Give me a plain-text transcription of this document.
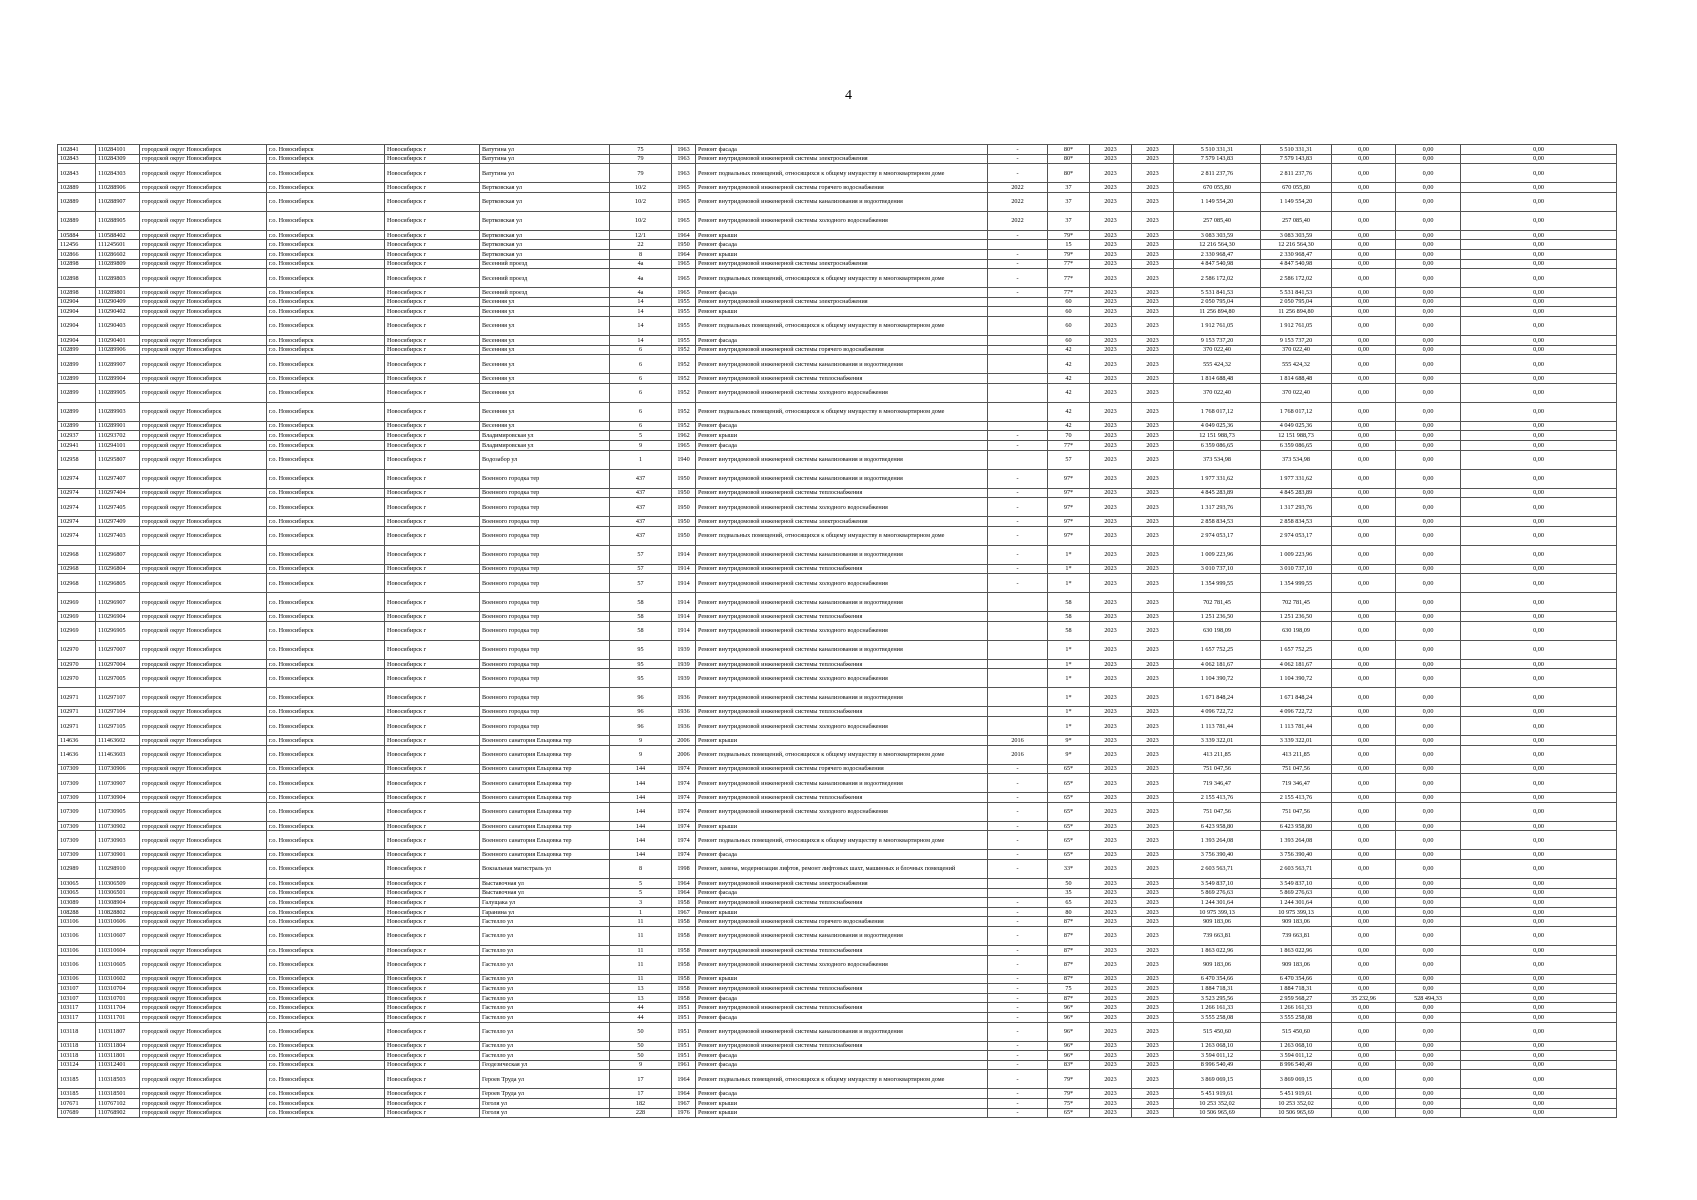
4
102841	110284101	городской округ Новосибирск	г.о. Новосибирск	Новосибирск г	Ватутина ул	75	1963	Ремонт фасада	-	80*	2023	2023	5 510 331,31	5 510 331,31	0,00	0,00	0,00
102843	110284309	городской округ Новосибирск	г.о. Новосибирск	Новосибирск г	Ватутина ул	79	1963	Ремонт внутридомовой инженерной системы электроснабжения	-	80*	2023	2023	7 579 143,83	7 579 143,83	0,00	0,00	0,00
102843	110284303	городской округ Новосибирск	г.о. Новосибирск	Новосибирск г	Ватутина ул	79	1963	Ремонт подвальных помещений, относящихся к общему имуществу в многоквартирном доме	-	80*	2023	2023	2 811 237,76	2 811 237,76	0,00	0,00	0,00
102889	110288906	городской округ Новосибирск	г.о. Новосибирск	Новосибирск г	Вертковская ул	10/2	1965	Ремонт внутридомовой инженерной системы горячего водоснабжения	2022	37	2023	2023	670 055,80	670 055,80	0,00	0,00	0,00
102889	110288907	городской округ Новосибирск	г.о. Новосибирск	Новосибирск г	Вертковская ул	10/2	1965	Ремонт внутридомовой инженерной системы канализования и водоотведения	2022	37	2023	2023	1 149 554,20	1 149 554,20	0,00	0,00	0,00
102889	110288905	городской округ Новосибирск	г.о. Новосибирск	Новосибирск г	Вертковская ул	10/2	1965	Ремонт внутридомовой инженерной системы холодного водоснабжения	2022	37	2023	2023	257 085,40	257 085,40	0,00	0,00	0,00
105884	110588402	городской округ Новосибирск	г.о. Новосибирск	Новосибирск г	Вертковская ул	12/1	1964	Ремонт крыши	-	79*	2023	2023	3 083 303,59	3 083 303,59	0,00	0,00	0,00
112456	111245601	городской округ Новосибирск	г.о. Новосибирск	Новосибирск г	Вертковская ул	22	1950	Ремонт фасада		15	2023	2023	12 216 564,30	12 216 564,30	0,00	0,00	0,00
102866	110286602	городской округ Новосибирск	г.о. Новосибирск	Новосибирск г	Вертковская ул	8	1964	Ремонт крыши	-	79*	2023	2023	2 330 968,47	2 330 968,47	0,00	0,00	0,00
102898	110289809	городской округ Новосибирск	г.о. Новосибирск	Новосибирск г	Весенний проезд	4а	1965	Ремонт внутридомовой инженерной системы электроснабжения	-	77*	2023	2023	4 847 540,98	4 847 540,98	0,00	0,00	0,00
102898	110289803	городской округ Новосибирск	г.о. Новосибирск	Новосибирск г	Весенний проезд	4а	1965	Ремонт подвальных помещений, относящихся к общему имуществу в многоквартирном доме	-	77*	2023	2023	2 586 172,02	2 586 172,02	0,00	0,00	0,00
102898	110289801	городской округ Новосибирск	г.о. Новосибирск	Новосибирск г	Весенний проезд	4а	1965	Ремонт фасада	-	77*	2023	2023	5 531 841,53	5 531 841,53	0,00	0,00	0,00
102904	110290409	городской округ Новосибирск	г.о. Новосибирск	Новосибирск г	Весенняя ул	14	1955	Ремонт внутридомовой инженерной системы электроснабжения		60	2023	2023	2 050 795,04	2 050 795,04	0,00	0,00	0,00
102904	110290402	городской округ Новосибирск	г.о. Новосибирск	Новосибирск г	Весенняя ул	14	1955	Ремонт крыши		60	2023	2023	11 256 894,80	11 256 894,80	0,00	0,00	0,00
102904	110290403	городской округ Новосибирск	г.о. Новосибирск	Новосибирск г	Весенняя ул	14	1955	Ремонт подвальных помещений, относящихся к общему имуществу в многоквартирном доме		60	2023	2023	1 912 761,05	1 912 761,05	0,00	0,00	0,00
102904	110290401	городской округ Новосибирск	г.о. Новосибирск	Новосибирск г	Весенняя ул	14	1955	Ремонт фасада		60	2023	2023	9 153 737,20	9 153 737,20	0,00	0,00	0,00
102899	110289906	городской округ Новосибирск	г.о. Новосибирск	Новосибирск г	Весенняя ул	6	1952	Ремонт внутридомовой инженерной системы горячего водоснабжения		42	2023	2023	370 022,40	370 022,40	0,00	0,00	0,00
102899	110289907	городской округ Новосибирск	г.о. Новосибирск	Новосибирск г	Весенняя ул	6	1952	Ремонт внутридомовой инженерной системы канализования и водоотведения		42	2023	2023	555 424,32	555 424,32	0,00	0,00	0,00
102899	110289904	городской округ Новосибирск	г.о. Новосибирск	Новосибирск г	Весенняя ул	6	1952	Ремонт внутридомовой инженерной системы теплоснабжения		42	2023	2023	1 814 688,48	1 814 688,48	0,00	0,00	0,00
102899	110289905	городской округ Новосибирск	г.о. Новосибирск	Новосибирск г	Весенняя ул	6	1952	Ремонт внутридомовой инженерной системы холодного водоснабжения		42	2023	2023	370 022,40	370 022,40	0,00	0,00	0,00
102899	110289903	городской округ Новосибирск	г.о. Новосибирск	Новосибирск г	Весенняя ул	6	1952	Ремонт подвальных помещений, относящихся к общему имуществу в многоквартирном доме		42	2023	2023	1 768 017,12	1 768 017,12	0,00	0,00	0,00
102899	110289901	городской округ Новосибирск	г.о. Новосибирск	Новосибирск г	Весенняя ул	6	1952	Ремонт фасада		42	2023	2023	4 049 025,36	4 049 025,36	0,00	0,00	0,00
102937	110293702	городской округ Новосибирск	г.о. Новосибирск	Новосибирск г	Владимировская ул	5	1962	Ремонт крыши	-	70	2023	2023	12 151 988,73	12 151 988,73	0,00	0,00	0,00
102941	110294101	городской округ Новосибирск	г.о. Новосибирск	Новосибирск г	Владимировская ул	9	1965	Ремонт фасада	-	77*	2023	2023	6 359 086,65	6 359 086,65	0,00	0,00	0,00
102958	110295807	городской округ Новосибирск	г.о. Новосибирск	Новосибирск г	Водозабор ул	1	1940	Ремонт внутридомовой инженерной системы канализования и водоотведения		57	2023	2023	373 534,98	373 534,98	0,00	0,00	0,00
102974	110297407	городской округ Новосибирск	г.о. Новосибирск	Новосибирск г	Военного городка тер	437	1950	Ремонт внутридомовой инженерной системы канализования и водоотведения	-	97*	2023	2023	1 977 331,62	1 977 331,62	0,00	0,00	0,00
102974	110297404	городской округ Новосибирск	г.о. Новосибирск	Новосибирск г	Военного городка тер	437	1950	Ремонт внутридомовой инженерной системы теплоснабжения	-	97*	2023	2023	4 845 283,89	4 845 283,89	0,00	0,00	0,00
102974	110297405	городской округ Новосибирск	г.о. Новосибирск	Новосибирск г	Военного городка тер	437	1950	Ремонт внутридомовой инженерной системы холодного водоснабжения	-	97*	2023	2023	1 317 293,76	1 317 293,76	0,00	0,00	0,00
102974	110297409	городской округ Новосибирск	г.о. Новосибирск	Новосибирск г	Военного городка тер	437	1950	Ремонт внутридомовой инженерной системы электроснабжения	-	97*	2023	2023	2 858 834,53	2 858 834,53	0,00	0,00	0,00
102974	110297403	городской округ Новосибирск	г.о. Новосибирск	Новосибирск г	Военного городка тер	437	1950	Ремонт подвальных помещений, относящихся к общему имуществу в многоквартирном доме	-	97*	2023	2023	2 974 053,17	2 974 053,17	0,00	0,00	0,00
102968	110296807	городской округ Новосибирск	г.о. Новосибирск	Новосибирск г	Военного городка тер	57	1914	Ремонт внутридомовой инженерной системы канализования и водоотведения	-	1*	2023	2023	1 009 223,96	1 009 223,96	0,00	0,00	0,00
102968	110296804	городской округ Новосибирск	г.о. Новосибирск	Новосибирск г	Военного городка тер	57	1914	Ремонт внутридомовой инженерной системы теплоснабжения	-	1*	2023	2023	3 010 737,10	3 010 737,10	0,00	0,00	0,00
102968	110296805	городской округ Новосибирск	г.о. Новосибирск	Новосибирск г	Военного городка тер	57	1914	Ремонт внутридомовой инженерной системы холодного водоснабжения	-	1*	2023	2023	1 354 999,55	1 354 999,55	0,00	0,00	0,00
102969	110296907	городской округ Новосибирск	г.о. Новосибирск	Новосибирск г	Военного городка тер	58	1914	Ремонт внутридомовой инженерной системы канализования и водоотведения		58	2023	2023	702 781,45	702 781,45	0,00	0,00	0,00
102969	110296904	городской округ Новосибирск	г.о. Новосибирск	Новосибирск г	Военного городка тер	58	1914	Ремонт внутридомовой инженерной системы теплоснабжения		58	2023	2023	1 251 236,50	1 251 236,50	0,00	0,00	0,00
102969	110296905	городской округ Новосибирск	г.о. Новосибирск	Новосибирск г	Военного городка тер	58	1914	Ремонт внутридомовой инженерной системы холодного водоснабжения		58	2023	2023	630 198,09	630 198,09	0,00	0,00	0,00
102970	110297007	городской округ Новосибирск	г.о. Новосибирск	Новосибирск г	Военного городка тер	95	1939	Ремонт внутридомовой инженерной системы канализования и водоотведения		1*	2023	2023	1 657 752,25	1 657 752,25	0,00	0,00	0,00
102970	110297004	городской округ Новосибирск	г.о. Новосибирск	Новосибирск г	Военного городка тер	95	1939	Ремонт внутридомовой инженерной системы теплоснабжения		1*	2023	2023	4 062 181,67	4 062 181,67	0,00	0,00	0,00
102970	110297005	городской округ Новосибирск	г.о. Новосибирск	Новосибирск г	Военного городка тер	95	1939	Ремонт внутридомовой инженерной системы холодного водоснабжения		1*	2023	2023	1 104 390,72	1 104 390,72	0,00	0,00	0,00
102971	110297107	городской округ Новосибирск	г.о. Новосибирск	Новосибирск г	Военного городка тер	96	1936	Ремонт внутридомовой инженерной системы канализования и водоотведения		1*	2023	2023	1 671 848,24	1 671 848,24	0,00	0,00	0,00
102971	110297104	городской округ Новосибирск	г.о. Новосибирск	Новосибирск г	Военного городка тер	96	1936	Ремонт внутридомовой инженерной системы теплоснабжения		1*	2023	2023	4 096 722,72	4 096 722,72	0,00	0,00	0,00
102971	110297105	городской округ Новосибирск	г.о. Новосибирск	Новосибирск г	Военного городка тер	96	1936	Ремонт внутридомовой инженерной системы холодного водоснабжения		1*	2023	2023	1 113 781,44	1 113 781,44	0,00	0,00	0,00
114636	111463602	городской округ Новосибирск	г.о. Новосибирск	Новосибирск г	Военного санатория Ельцовка тер	9	2006	Ремонт крыши	2016	9*	2023	2023	3 339 322,01	3 339 322,01	0,00	0,00	0,00
114636	111463603	городской округ Новосибирск	г.о. Новосибирск	Новосибирск г	Военного санатория Ельцовка тер	9	2006	Ремонт подвальных помещений, относящихся к общему имуществу в многоквартирном доме	2016	9*	2023	2023	413 211,85	413 211,85	0,00	0,00	0,00
107309	110730906	городской округ Новосибирск	г.о. Новосибирск	Новосибирск г	Военного санатория Ельцовка тер	144	1974	Ремонт внутридомовой инженерной системы горячего водоснабжения	-	65*	2023	2023	751 047,56	751 047,56	0,00	0,00	0,00
107309	110730907	городской округ Новосибирск	г.о. Новосибирск	Новосибирск г	Военного санатория Ельцовка тер	144	1974	Ремонт внутридомовой инженерной системы канализования и водоотведения	-	65*	2023	2023	719 346,47	719 346,47	0,00	0,00	0,00
107309	110730904	городской округ Новосибирск	г.о. Новосибирск	Новосибирск г	Военного санатория Ельцовка тер	144	1974	Ремонт внутридомовой инженерной системы теплоснабжения	-	65*	2023	2023	2 155 413,76	2 155 413,76	0,00	0,00	0,00
107309	110730905	городской округ Новосибирск	г.о. Новосибирск	Новосибирск г	Военного санатория Ельцовка тер	144	1974	Ремонт внутридомовой инженерной системы холодного водоснабжения	-	65*	2023	2023	751 047,56	751 047,56	0,00	0,00	0,00
107309	110730902	городской округ Новосибирск	г.о. Новосибирск	Новосибирск г	Военного санатория Ельцовка тер	144	1974	Ремонт крыши	-	65*	2023	2023	6 423 958,80	6 423 958,80	0,00	0,00	0,00
107309	110730903	городской округ Новосибирск	г.о. Новосибирск	Новосибирск г	Военного санатория Ельцовка тер	144	1974	Ремонт подвальных помещений, относящихся к общему имуществу в многоквартирном доме	-	65*	2023	2023	1 393 264,08	1 393 264,08	0,00	0,00	0,00
107309	110730901	городской округ Новосибирск	г.о. Новосибирск	Новосибирск г	Военного санатория Ельцовка тер	144	1974	Ремонт фасада	-	65*	2023	2023	3 756 390,40	3 756 390,40	0,00	0,00	0,00
102989	110298910	городской округ Новосибирск	г.о. Новосибирск	Новосибирск г	Вокзальная магистраль ул	8	1998	Ремонт, замена, модернизация лифтов, ремонт лифтовых шахт, машинных и блочных помещений	-	33*	2023	2023	2 603 563,71	2 603 563,71	0,00	0,00	0,00
103065	110306509	городской округ Новосибирск	г.о. Новосибирск	Новосибирск г	Выставочная ул	5	1964	Ремонт внутридомовой инженерной системы электроснабжения		50	2023	2023	3 549 837,10	3 549 837,10	0,00	0,00	0,00
103065	110306501	городской округ Новосибирск	г.о. Новосибирск	Новосибирск г	Выставочная ул	5	1964	Ремонт фасада		35	2023	2023	5 869 276,63	5 869 276,63	0,00	0,00	0,00
103089	110308904	городской округ Новосибирск	г.о. Новосибирск	Новосибирск г	Галущака ул	3	1958	Ремонт внутридомовой инженерной системы теплоснабжения	-	65	2023	2023	1 244 301,64	1 244 301,64	0,00	0,00	0,00
108288	110828802	городской округ Новосибирск	г.о. Новосибирск	Новосибирск г	Гаранина ул	1	1967	Ремонт крыши	-	80	2023	2023	10 975 399,13	10 975 399,13	0,00	0,00	0,00
103106	110310606	городской округ Новосибирск	г.о. Новосибирск	Новосибирск г	Гастелло ул	11	1958	Ремонт внутридомовой инженерной системы горячего водоснабжения	-	87*	2023	2023	909 183,06	909 183,06	0,00	0,00	0,00
103106	110310607	городской округ Новосибирск	г.о. Новосибирск	Новосибирск г	Гастелло ул	11	1958	Ремонт внутридомовой инженерной системы канализования и водоотведения	-	87*	2023	2023	739 663,81	739 663,81	0,00	0,00	0,00
103106	110310604	городской округ Новосибирск	г.о. Новосибирск	Новосибирск г	Гастелло ул	11	1958	Ремонт внутридомовой инженерной системы теплоснабжения	-	87*	2023	2023	1 863 022,96	1 863 022,96	0,00	0,00	0,00
103106	110310605	городской округ Новосибирск	г.о. Новосибирск	Новосибирск г	Гастелло ул	11	1958	Ремонт внутридомовой инженерной системы холодного водоснабжения	-	87*	2023	2023	909 183,06	909 183,06	0,00	0,00	0,00
103106	110310602	городской округ Новосибирск	г.о. Новосибирск	Новосибирск г	Гастелло ул	11	1958	Ремонт крыши	-	87*	2023	2023	6 470 354,66	6 470 354,66	0,00	0,00	0,00
103107	110310704	городской округ Новосибирск	г.о. Новосибирск	Новосибирск г	Гастелло ул	13	1958	Ремонт внутридомовой инженерной системы теплоснабжения	-	75	2023	2023	1 884 718,31	1 884 718,31	0,00	0,00	0,00
103107	110310701	городской округ Новосибирск	г.о. Новосибирск	Новосибирск г	Гастелло ул	13	1958	Ремонт фасада	-	87*	2023	2023	3 523 295,56	2 959 568,27	35 232,96	528 494,33	0,00
103117	110311704	городской округ Новосибирск	г.о. Новосибирск	Новосибирск г	Гастелло ул	44	1951	Ремонт внутридомовой инженерной системы теплоснабжения	-	96*	2023	2023	1 266 161,33	1 266 161,33	0,00	0,00	0,00
103117	110311701	городской округ Новосибирск	г.о. Новосибирск	Новосибирск г	Гастелло ул	44	1951	Ремонт фасада	-	96*	2023	2023	3 555 258,08	3 555 258,08	0,00	0,00	0,00
103118	110311807	городской округ Новосибирск	г.о. Новосибирск	Новосибирск г	Гастелло ул	50	1951	Ремонт внутридомовой инженерной системы канализования и водоотведения	-	96*	2023	2023	515 450,60	515 450,60	0,00	0,00	0,00
103118	110311804	городской округ Новосибирск	г.о. Новосибирск	Новосибирск г	Гастелло ул	50	1951	Ремонт внутридомовой инженерной системы теплоснабжения	-	96*	2023	2023	1 263 068,10	1 263 068,10	0,00	0,00	0,00
103118	110311801	городской округ Новосибирск	г.о. Новосибирск	Новосибирск г	Гастелло ул	50	1951	Ремонт фасада	-	96*	2023	2023	3 594 011,12	3 594 011,12	0,00	0,00	0,00
103124	110312401	городской округ Новосибирск	г.о. Новосибирск	Новосибирск г	Геодезическая ул	9	1961	Ремонт фасада	-	83*	2023	2023	8 996 540,49	8 996 540,49	0,00	0,00	0,00
103185	110318503	городской округ Новосибирск	г.о. Новосибирск	Новосибирск г	Героев Труда ул	17	1964	Ремонт подвальных помещений, относящихся к общему имуществу в многоквартирном доме	-	79*	2023	2023	3 869 069,15	3 869 069,15	0,00	0,00	0,00
103185	110318501	городской округ Новосибирск	г.о. Новосибирск	Новосибирск г	Героев Труда ул	17	1964	Ремонт фасада	-	79*	2023	2023	5 451 919,61	5 451 919,61	0,00	0,00	0,00
107671	110767102	городской округ Новосибирск	г.о. Новосибирск	Новосибирск г	Гоголя ул	182	1967	Ремонт крыши	-	75*	2023	2023	10 253 352,02	10 253 352,02	0,00	0,00	0,00
107689	110768902	городской округ Новосибирск	г.о. Новосибирск	Новосибирск г	Гоголя ул	228	1976	Ремонт крыши	-	65*	2023	2023	10 506 965,69	10 506 965,69	0,00	0,00	0,00
